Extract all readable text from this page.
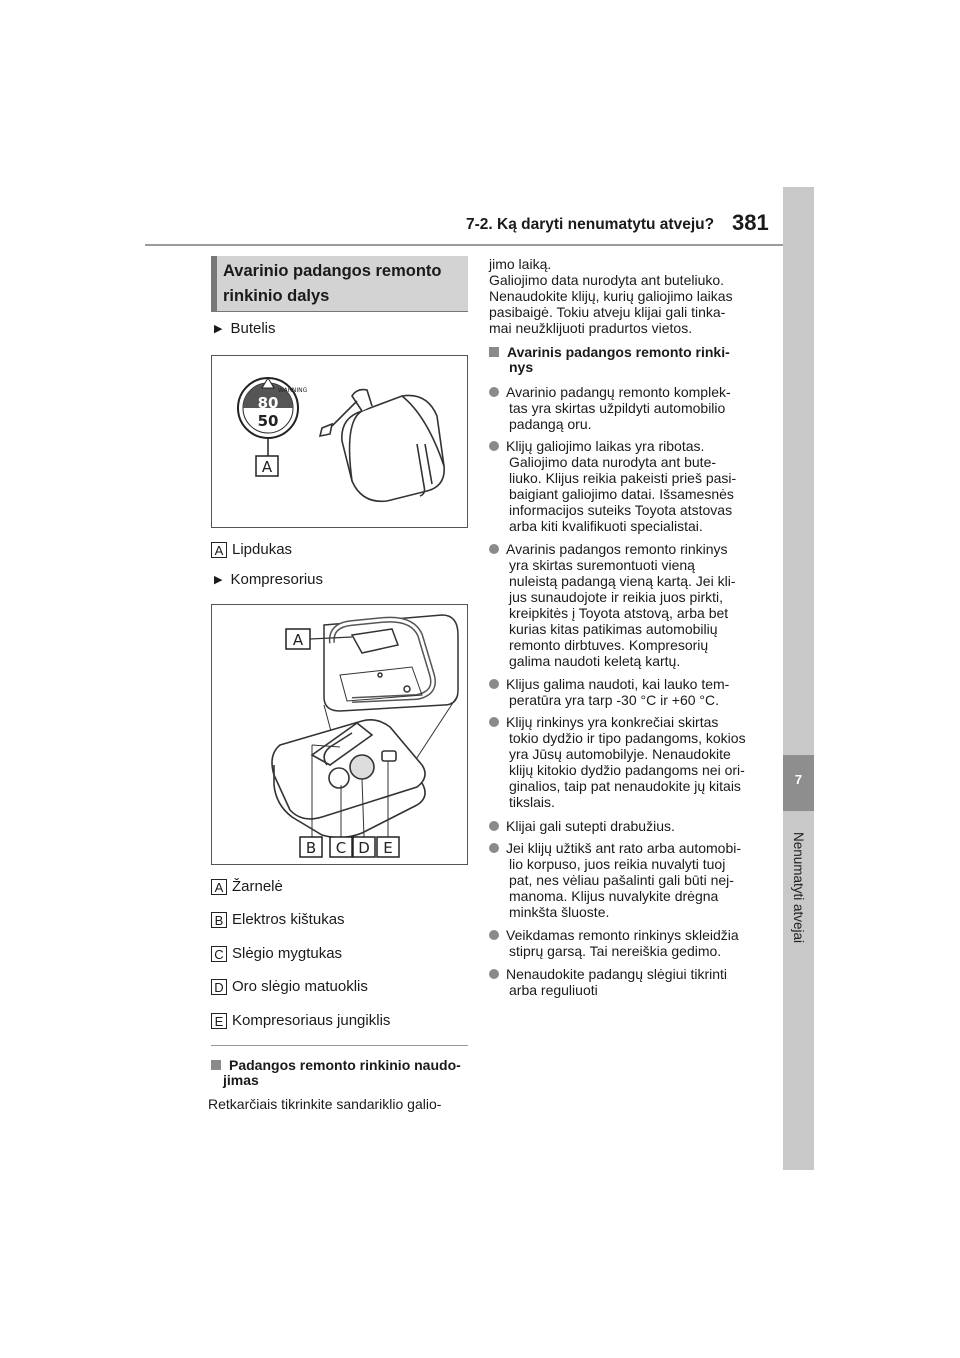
7-2. Ką daryti nenumatytu atveju? 381
7
Nenumatyti atvejai
Avarinio padangos remonto
rinkinio dalys
▶ Butelis
80
50
WARNING
A
A Lipdukas
▶ Kompresorius
A
B C D E
A Žarnelė
B Elektros kištukas
C Slėgio mygtukas
D Oro slėgio matuoklis
E Kompresoriaus jungiklis
Padangos remonto rinkinio naudo-
jimas
Retkarčiais tikrinkite sandariklio galio-
jimo laiką.
Galiojimo data nurodyta ant buteliuko.
Nenaudokite klijų, kurių galiojimo laikas
pasibaigė. Tokiu atveju klijai gali tinka-
mai neužklijuoti pradurtos vietos.
Avarinis padangos remonto rinki-
nys
Avarinio padangų remonto komplek-
tas yra skirtas užpildyti automobilio
padangą oru.
Klijų galiojimo laikas yra ribotas.
Galiojimo data nurodyta ant bute-
liuko. Klijus reikia pakeisti prieš pasi-
baigiant galiojimo datai. Išsamesnės
informacijos suteiks Toyota atstovas
arba kiti kvalifikuoti specialistai.
Avarinis padangos remonto rinkinys
yra skirtas suremontuoti vieną
nuleistą padangą vieną kartą. Jei kli-
jus sunaudojote ir reikia juos pirkti,
kreipkitės į Toyota atstovą, arba bet
kurias kitas patikimas automobilių
remonto dirbtuves. Kompresorių
galima naudoti keletą kartų.
Klijus galima naudoti, kai lauko tem-
peratūra yra tarp -30 °C ir +60 °C.
Klijų rinkinys yra konkrečiai skirtas
tokio dydžio ir tipo padangoms, kokios
yra Jūsų automobilyje. Nenaudokite
klijų kitokio dydžio padangoms nei ori-
ginalios, taip pat nenaudokite jų kitais
tikslais.
Klijai gali sutepti drabužius.
Jei klijų užtikš ant rato arba automobi-
lio korpuso, juos reikia nuvalyti tuoj
pat, nes vėliau pašalinti gali būti nej-
manoma. Klijus nuvalykite drėgna
minkšta šluoste.
Veikdamas remonto rinkinys skleidžia
stiprų garsą. Tai nereiškia gedimo.
Nenaudokite padangų slėgiui tikrinti
arba reguliuoti
